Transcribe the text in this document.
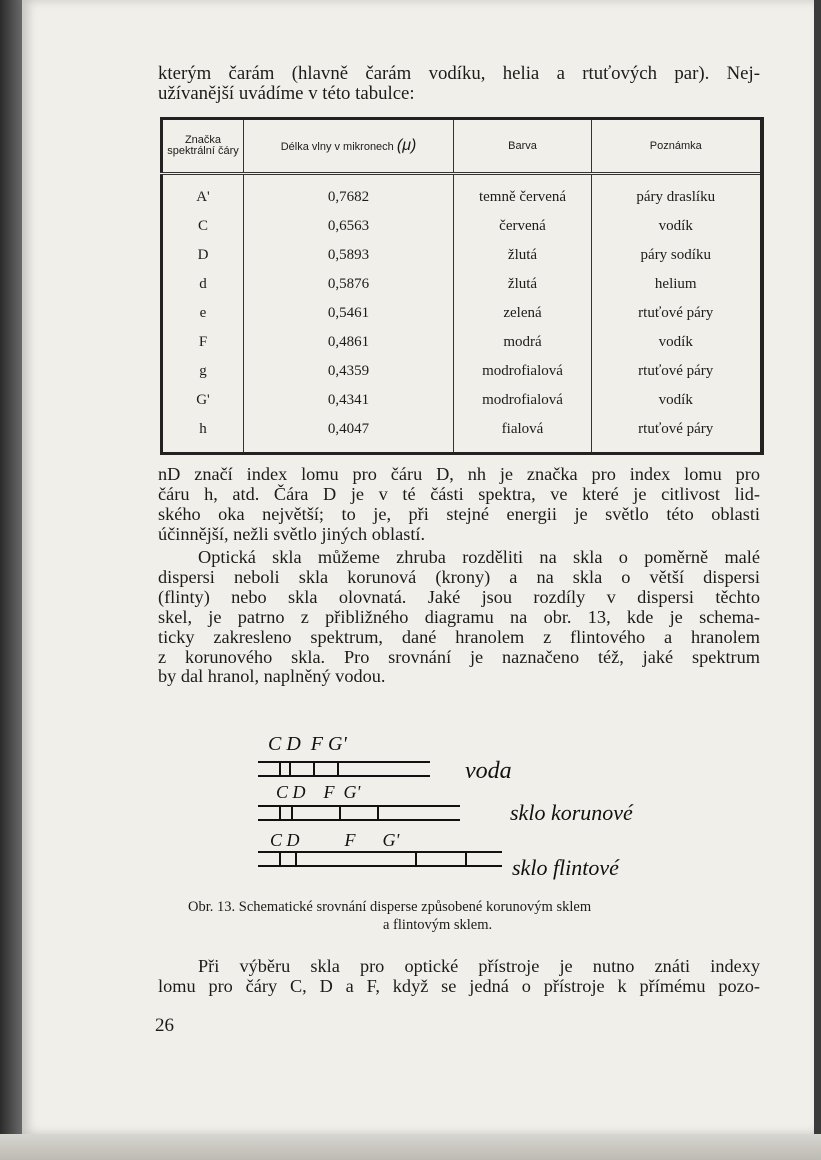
kterým čarám (hlavně čarám vodíku, helia a rtuťových par). Nej-
užívanější uvádíme v této tabulce:

Značka spektrální čáry	Délka vlny v mikronech (μ)	Barva	Poznámka
A'	0,7682	temně červená	páry draslíku
C	0,6563	červená	vodík
D	0,5893	žlutá	páry sodíku
d	0,5876	žlutá	helium
e	0,5461	zelená	rtuťové páry
F	0,4861	modrá	vodík
g	0,4359	modrofialová	rtuťové páry
G'	0,4341	modrofialová	vodík
h	0,4047	fialová	rtuťové páry

nD značí index lomu pro čáru D, nh je značka pro index lomu pro
čáru h, atd. Čára D je v té části spektra, ve které je citlivost lid-
ského oka největší; to je, při stejné energii je světlo této oblasti
účinnější, nežli světlo jiných oblastí.

Optická skla můžeme zhruba rozděliti na skla o poměrně malé
dispersi neboli skla korunová (krony) a na skla o větší dispersi
(flinty) nebo skla olovnatá. Jaké jsou rozdíly v dispersi těchto
skel, je patrno z přibližného diagramu na obr. 13, kde je schema-
ticky zakresleno spektrum, dané hranolem z flintového a hranolem
z korunového skla. Pro srovnání je naznačeno též, jaké spektrum
by dal hranol, naplněný vodou.

C D  F G'
voda
C D    F  G'
sklo korunové
C D          F      G'
sklo flintové
Obr. 13. Schematické srovnání disperse způsobené korunovým sklem
a flintovým sklem.

Při výběru skla pro optické přístroje je nutno znáti indexy
lomu pro čáry C, D a F, když se jedná o přístroje k přímému pozo-

26
